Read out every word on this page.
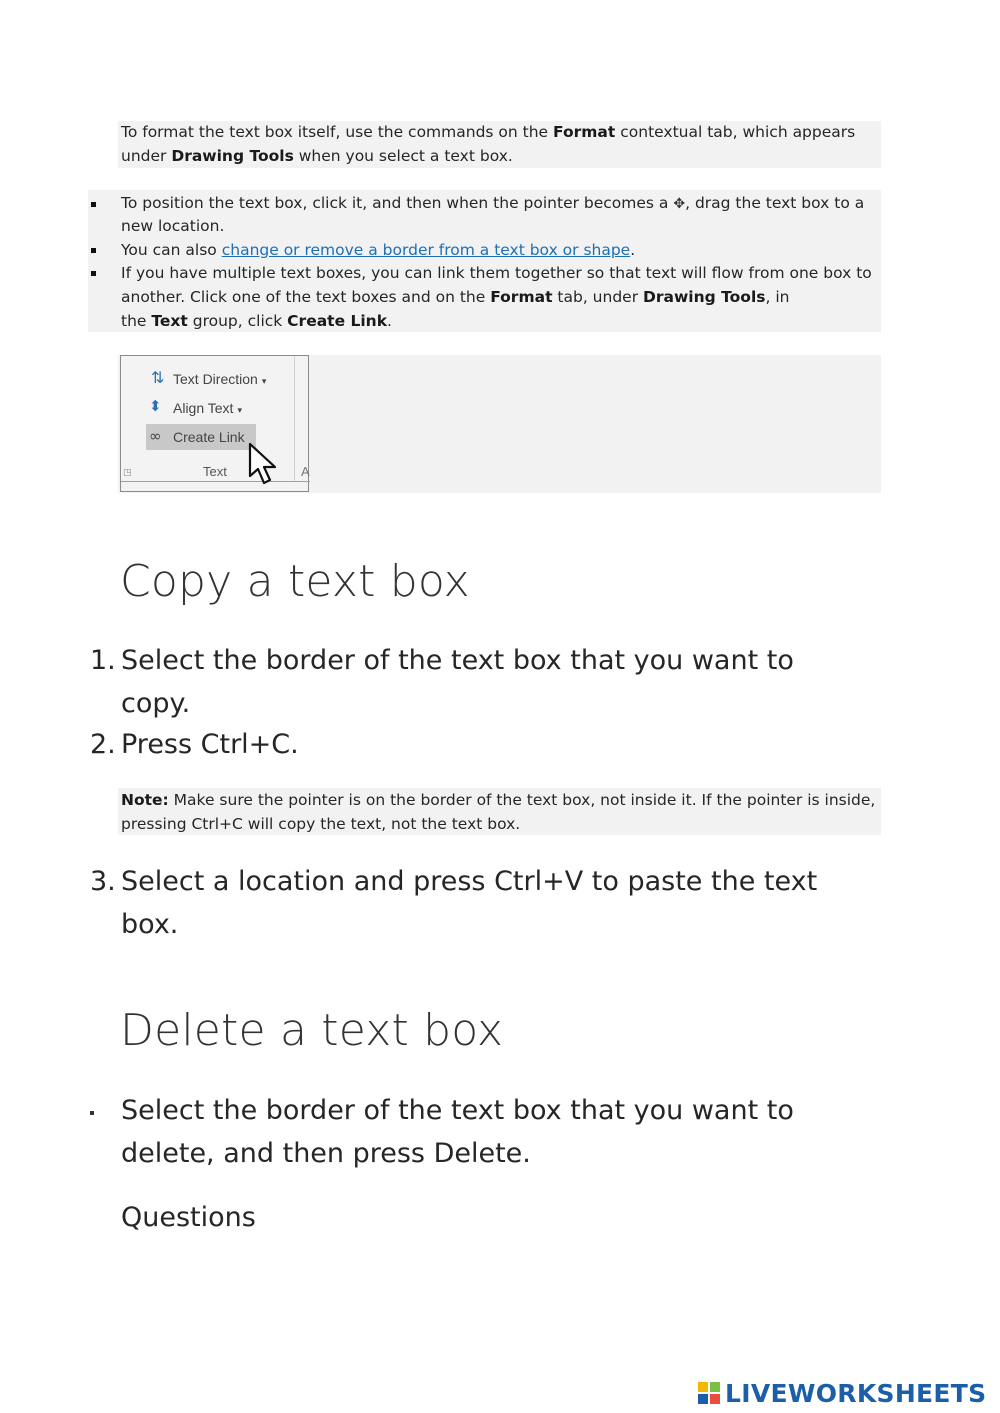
To format the text box itself, use the commands on the Format contextual tab, which appears
under Drawing Tools when you select a text box.
To position the text box, click it, and then when the pointer becomes a ✥, drag the text box to a
new location.
You can also change or remove a border from a text box or shape.
If you have multiple text boxes, you can link them together so that text will flow from one box to
another. Click one of the text boxes and on the Format tab, under Drawing Tools, in
the Text group, click Create Link.
⇅ Text Direction ▾
⬍ Align Text ▾
∞ Create Link
◳	Text	A
Copy a text box
1. Select the border of the text box that you want to
copy.
2. Press Ctrl+C.
Note: Make sure the pointer is on the border of the text box, not inside it. If the pointer is inside,
pressing Ctrl+C will copy the text, not the text box.
3. Select a location and press Ctrl+V to paste the text
box.
Delete a text box
Select the border of the text box that you want to
delete, and then press Delete.
Questions
LIVEWORKSHEETS
